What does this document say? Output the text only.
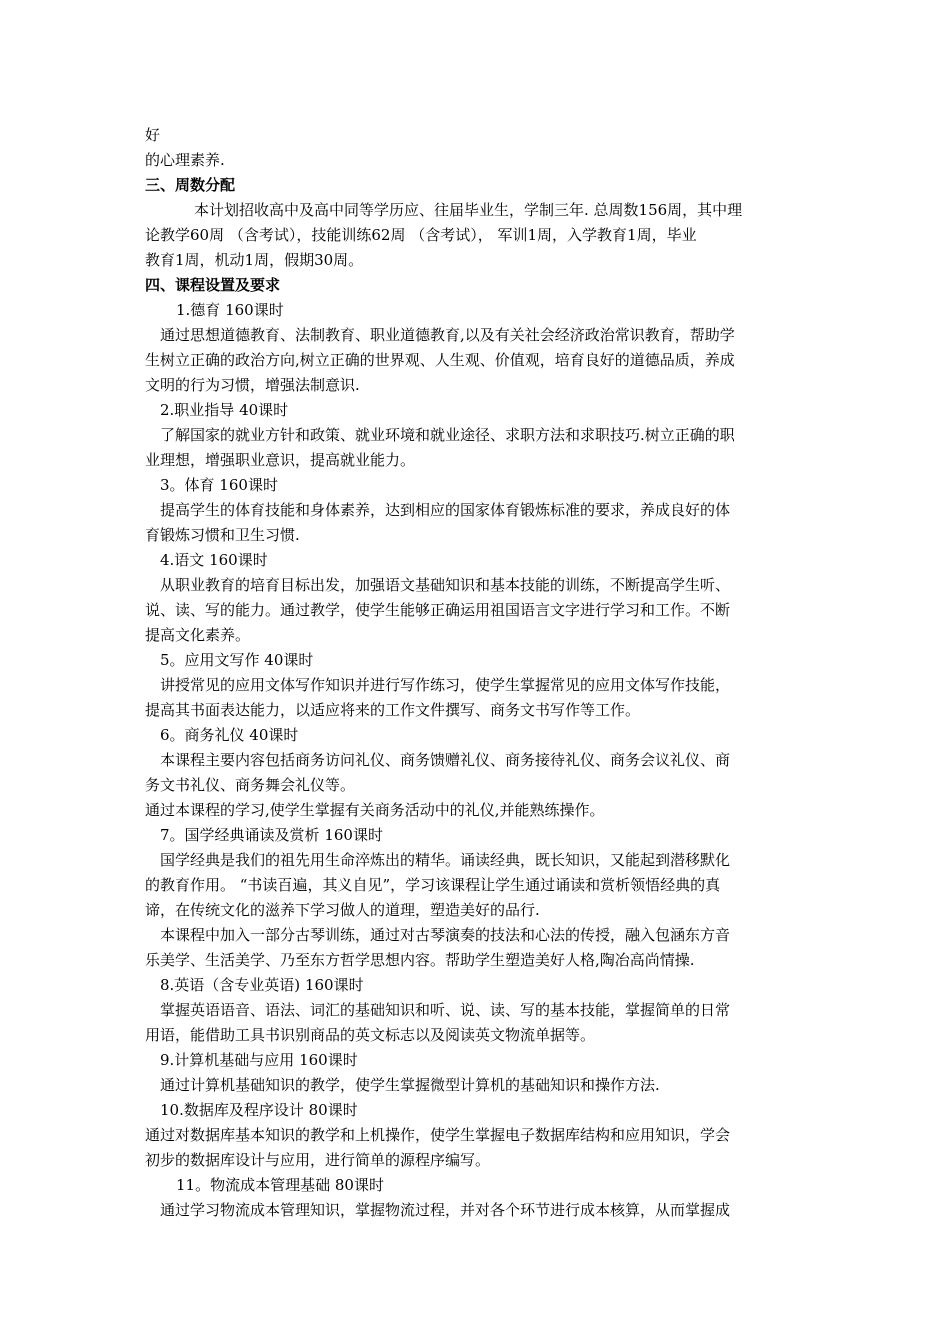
好
的心理素养.
三、周数分配
本计划招收高中及高中同等学历应、往届毕业生，学制三年. 总周数156周，其中理
论教学60周 （含考试），技能训练62周 （含考试）， 军训1周，入学教育1周，毕业
教育1周，机动1周，假期30周。
四、课程设置及要求
1.德育 160课时
通过思想道德教育、法制教育、职业道德教育,以及有关社会经济政治常识教育，帮助学
生树立正确的政治方向,树立正确的世界观、人生观、价值观，培育良好的道德品质，养成
文明的行为习惯，增强法制意识.
2.职业指导 40课时
了解国家的就业方针和政策、就业环境和就业途径、求职方法和求职技巧.树立正确的职
业理想，增强职业意识，提高就业能力。
3。体育 160课时
提高学生的体育技能和身体素养，达到相应的国家体育锻炼标准的要求，养成良好的体
育锻炼习惯和卫生习惯.
4.语文 160课时
从职业教育的培育目标出发，加强语文基础知识和基本技能的训练，不断提高学生听、
说、读、写的能力。通过教学，使学生能够正确运用祖国语言文字进行学习和工作。不断
提高文化素养。
5。应用文写作 40课时
讲授常见的应用文体写作知识并进行写作练习，使学生掌握常见的应用文体写作技能，
提高其书面表达能力，以适应将来的工作文件撰写、商务文书写作等工作。
6。商务礼仪 40课时
本课程主要内容包括商务访问礼仪、商务馈赠礼仪、商务接待礼仪、商务会议礼仪、商
务文书礼仪、商务舞会礼仪等。
通过本课程的学习,使学生掌握有关商务活动中的礼仪,并能熟练操作。
7。国学经典诵读及赏析 160课时
国学经典是我们的祖先用生命淬炼出的精华。诵读经典，既长知识，又能起到潜移默化
的教育作用。 “书读百遍，其义自见”，学习该课程让学生通过诵读和赏析领悟经典的真
谛，在传统文化的滋养下学习做人的道理，塑造美好的品行.
本课程中加入一部分古琴训练，通过对古琴演奏的技法和心法的传授，融入包涵东方音
乐美学、生活美学、乃至东方哲学思想内容。帮助学生塑造美好人格,陶冶高尚情操.
8.英语（含专业英语) 160课时
掌握英语语音、语法、词汇的基础知识和听、说、读、写的基本技能，掌握简单的日常
用语，能借助工具书识别商品的英文标志以及阅读英文物流单据等。
9.计算机基础与应用 160课时
通过计算机基础知识的教学，使学生掌握微型计算机的基础知识和操作方法.
10.数据库及程序设计 80课时
通过对数据库基本知识的教学和上机操作，使学生掌握电子数据库结构和应用知识，学会
初步的数据库设计与应用，进行简单的源程序编写。
11。物流成本管理基础 80课时
通过学习物流成本管理知识，掌握物流过程，并对各个环节进行成本核算，从而掌握成
